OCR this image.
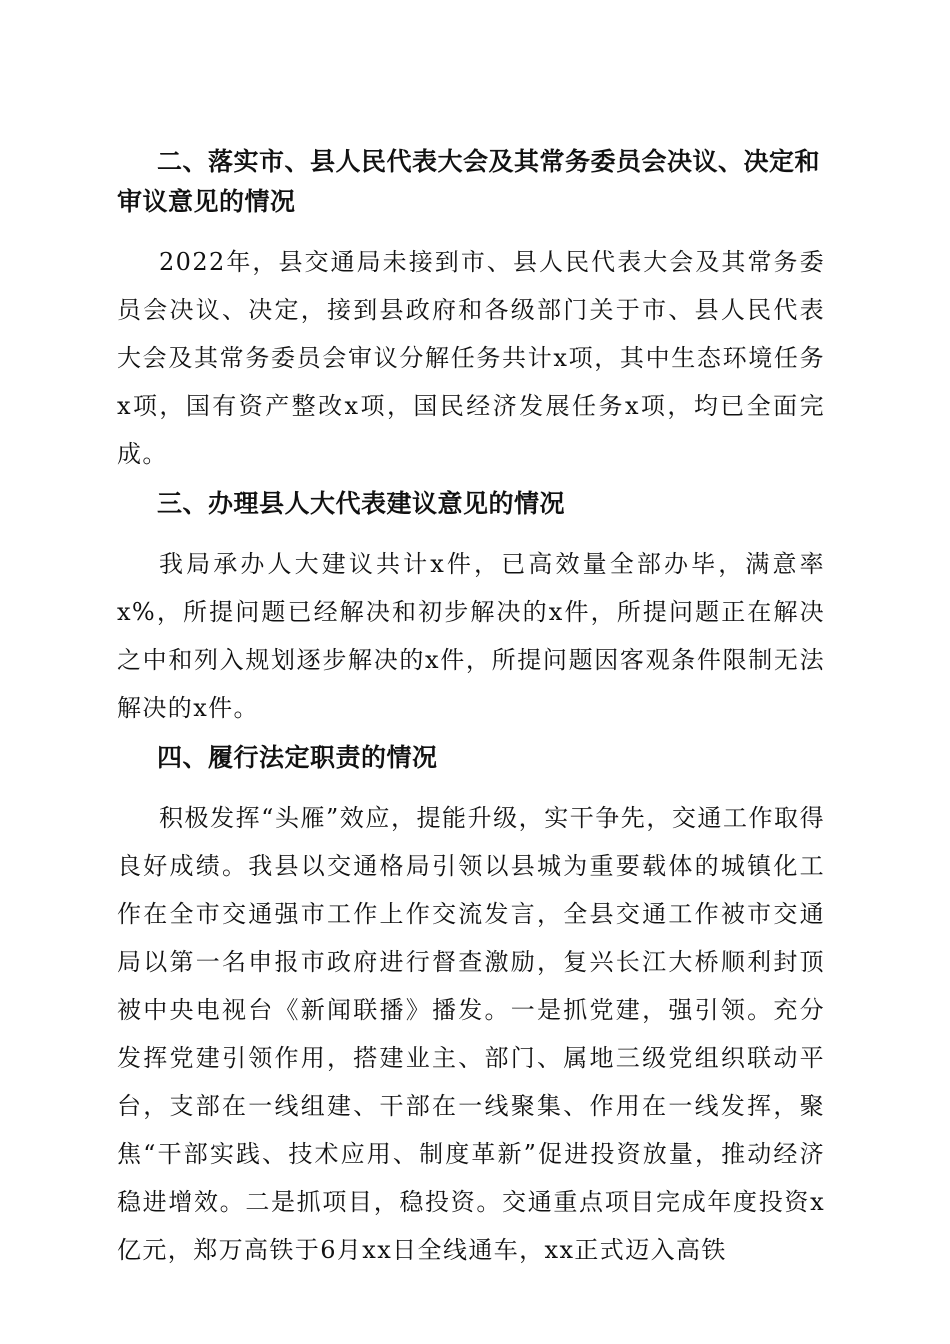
二、落实市、县人民代表大会及其常务委员会决议、决定和审议意见的情况

2022年，县交通局未接到市、县人民代表大会及其常务委员会决议、决定，接到县政府和各级部门关于市、县人民代表大会及其常务委员会审议分解任务共计x项，其中生态环境任务x项，国有资产整改x项，国民经济发展任务x项，均已全面完成。

三、办理县人大代表建议意见的情况

我局承办人大建议共计x件，已高效量全部办毕，满意率x%，所提问题已经解决和初步解决的x件，所提问题正在解决之中和列入规划逐步解决的x件，所提问题因客观条件限制无法解决的x件。

四、履行法定职责的情况

积极发挥“头雁”效应，提能升级，实干争先，交通工作取得良好成绩。我县以交通格局引领以县城为重要载体的城镇化工作在全市交通强市工作上作交流发言，全县交通工作被市交通局以第一名申报市政府进行督查激励，复兴长江大桥顺利封顶被中央电视台《新闻联播》播发。一是抓党建，强引领。充分发挥党建引领作用，搭建业主、部门、属地三级党组织联动平台，支部在一线组建、干部在一线聚集、作用在一线发挥，聚焦“干部实践、技术应用、制度革新”促进投资放量，推动经济稳进增效。二是抓项目，稳投资。交通重点项目完成年度投资x亿元，郑万高铁于6月xx日全线通车，xx正式迈入高铁
